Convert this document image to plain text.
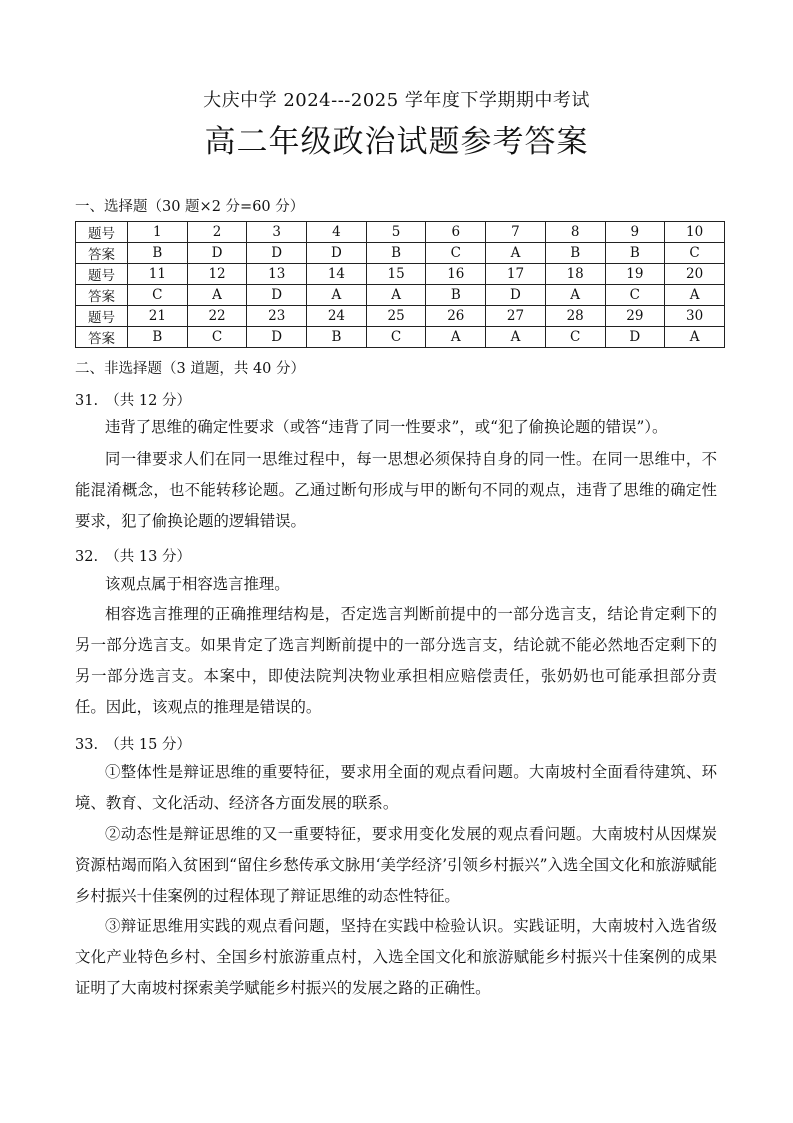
大庆中学 2024---2025 学年度下学期期中考试
高二年级政治试题参考答案
一、选择题（30 题×2 分=60 分）
题号	1	2	3	4	5	6	7	8	9	10
答案	B	D	D	D	B	C	A	B	B	C
题号	11	12	13	14	15	16	17	18	19	20
答案	C	A	D	A	A	B	D	A	C	A
题号	21	22	23	24	25	26	27	28	29	30
答案	B	C	D	B	C	A	A	C	D	A
二、非选择题（3 道题，共 40 分）
31.　（共 12 分）

违背了思维的确定性要求（或答“违背了同一性要求”，或“犯了偷换论题的错误”）。

同一律要求人们在同一思维过程中，每一思想必须保持自身的同一性。在同一思维中，不能混淆概念，也不能转移论题。乙通过断句形成与甲的断句不同的观点，违背了思维的确定性要求，犯了偷换论题的逻辑错误。

32.　（共 13 分）

该观点属于相容选言推理。

相容选言推理的正确推理结构是，否定选言判断前提中的一部分选言支，结论肯定剩下的另一部分选言支。如果肯定了选言判断前提中的一部分选言支，结论就不能必然地否定剩下的另一部分选言支。本案中，即使法院判决物业承担相应赔偿责任，张奶奶也可能承担部分责任。因此，该观点的推理是错误的。

33.　（共 15 分）

①整体性是辩证思维的重要特征，要求用全面的观点看问题。大南坡村全面看待建筑、环境、教育、文化活动、经济各方面发展的联系。

②动态性是辩证思维的又一重要特征，要求用变化发展的观点看问题。大南坡村从因煤炭资源枯竭而陷入贫困到“留住乡愁传承文脉用‘美学经济’引领乡村振兴”入选全国文化和旅游赋能乡村振兴十佳案例的过程体现了辩证思维的动态性特征。

③辩证思维用实践的观点看问题，坚持在实践中检验认识。实践证明，大南坡村入选省级文化产业特色乡村、全国乡村旅游重点村，入选全国文化和旅游赋能乡村振兴十佳案例的成果证明了大南坡村探索美学赋能乡村振兴的发展之路的正确性。
